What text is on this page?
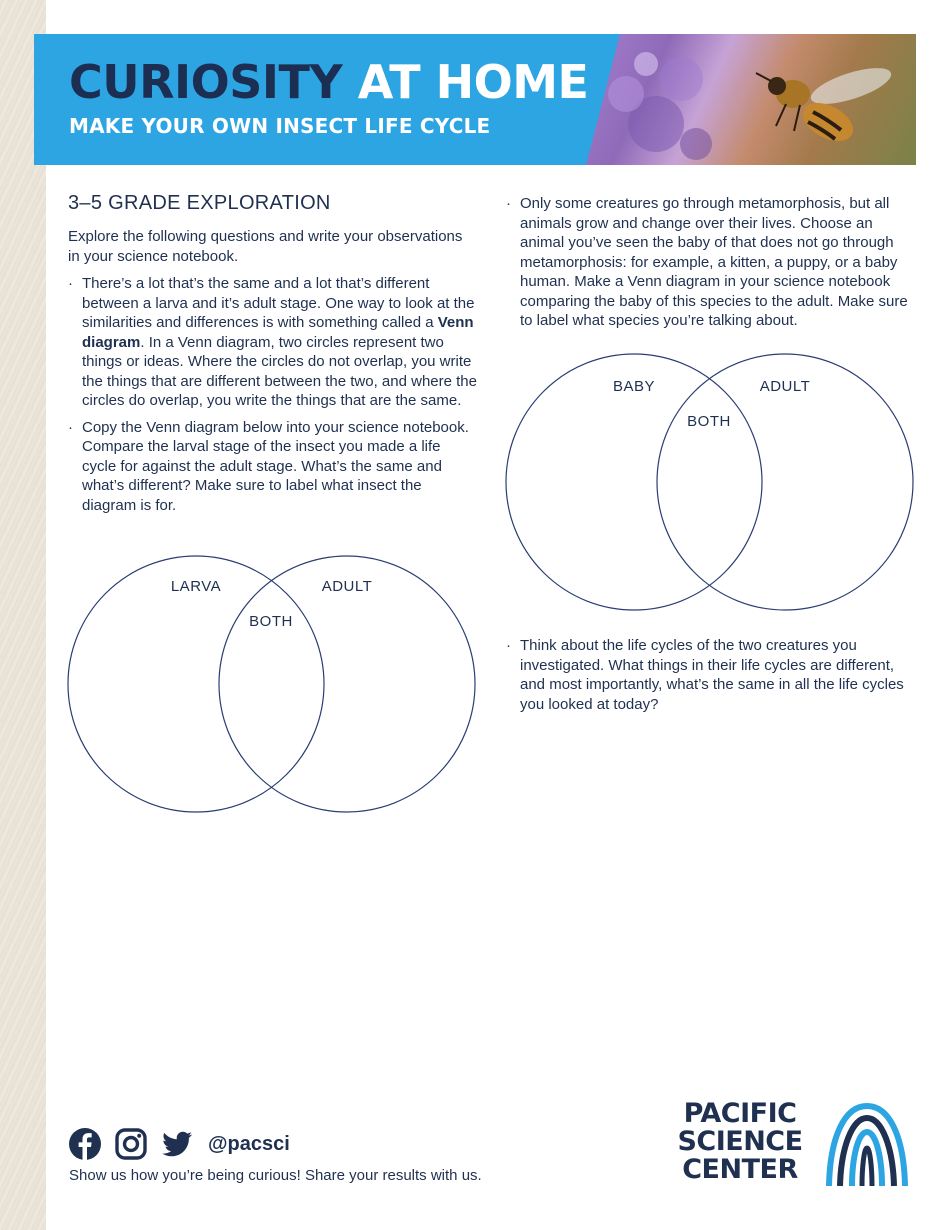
CURIOSITY AT HOME
MAKE YOUR OWN INSECT LIFE CYCLE
3–5 GRADE EXPLORATION

Explore the following questions and write your observations in your science notebook.

· There’s a lot that’s the same and a lot that’s different between a larva and it’s adult stage. One way to look at the similarities and differences is with something called a Venn diagram. In a Venn diagram, two circles represent two things or ideas. Where the circles do not overlap, you write the things that are different between the two, and where the circles do overlap, you write the things that are the same.
· Copy the Venn diagram below into your science notebook. Compare the larval stage of the insect you made a life cycle for against the adult stage. What’s the same and what’s different? Make sure to label what insect the diagram is for.
LARVA	ADULT
BOTH
· Only some creatures go through metamorphosis, but all animals grow and change over their lives. Choose an animal you’ve seen the baby of that does not go through metamorphosis: for example, a kitten, a puppy, or a baby human. Make a Venn diagram in your science notebook comparing the baby of this species to the adult. Make sure to label what species you’re talking about.
BABY	ADULT
BOTH
· Think about the life cycles of the two creatures you investigated. What things in their life cycles are different, and most importantly, what’s the same in all the life cycles you looked at today?
@pacsci
Show us how you’re being curious! Share your results with us.
PACIFIC
SCIENCE
CENTER
